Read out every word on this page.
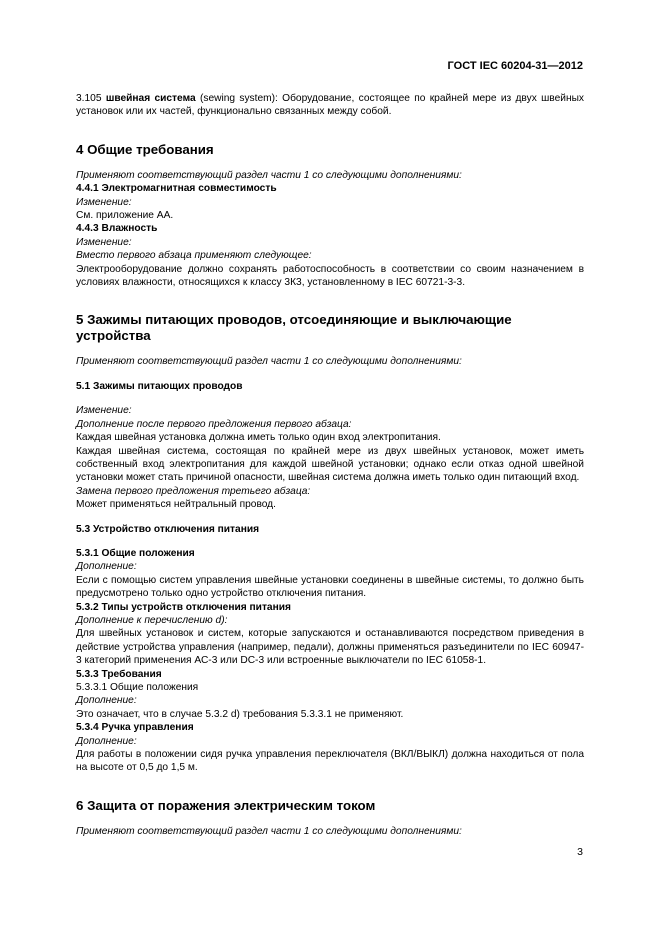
ГОСТ IEC 60204-31—2012

3.105 швейная система (sewing system): Оборудование, состоящее по крайней мере из двух швейных установок или их частей, функционально связанных между собой.

4 Общие требования

Применяют соответствующий раздел части 1 со следующими дополнениями:

4.4.1 Электромагнитная совместимость

Изменение:

См. приложение АА.

4.4.3 Влажность

Изменение:

Вместо первого абзаца применяют следующее:

Электрооборудование должно сохранять работоспособность в соответствии со своим назначением в условиях влажности, относящихся к классу 3К3, установленному в IEC 60721-3-3.

5 Зажимы питающих проводов, отсоединяющие и выключающие устройства

Применяют соответствующий раздел части 1 со следующими дополнениями:

5.1 Зажимы питающих проводов

Изменение:

Дополнение после первого предложения первого абзаца:

Каждая швейная установка должна иметь только один вход электропитания.

Каждая швейная система, состоящая по крайней мере из двух швейных установок, может иметь собственный вход электропитания для каждой швейной установки; однако если отказ одной швейной установки может стать причиной опасности, швейная система должна иметь только один питающий вход.

Замена первого предложения третьего абзаца:

Может применяться нейтральный провод.

5.3 Устройство отключения питания

5.3.1 Общие положения

Дополнение:

Если с помощью систем управления швейные установки соединены в швейные системы, то должно быть предусмотрено только одно устройство отключения питания.

5.3.2 Типы устройств отключения питания

Дополнение к перечислению d):

Для швейных установок и систем, которые запускаются и останавливаются посредством приведения в действие устройства управления (например, педали), должны применяться разъединители по IEC 60947-3 категорий применения АС-3 или DC-3 или встроенные выключатели по IEC 61058-1.

5.3.3 Требования

5.3.3.1 Общие положения

Дополнение:

Это означает, что в случае 5.3.2 d) требования 5.3.3.1 не применяют.

5.3.4 Ручка управления

Дополнение:

Для работы в положении сидя ручка управления переключателя (ВКЛ/ВЫКЛ) должна находиться от пола на высоте от 0,5 до 1,5 м.

6 Защита от поражения электрическим током

Применяют соответствующий раздел части 1 со следующими дополнениями:

3
